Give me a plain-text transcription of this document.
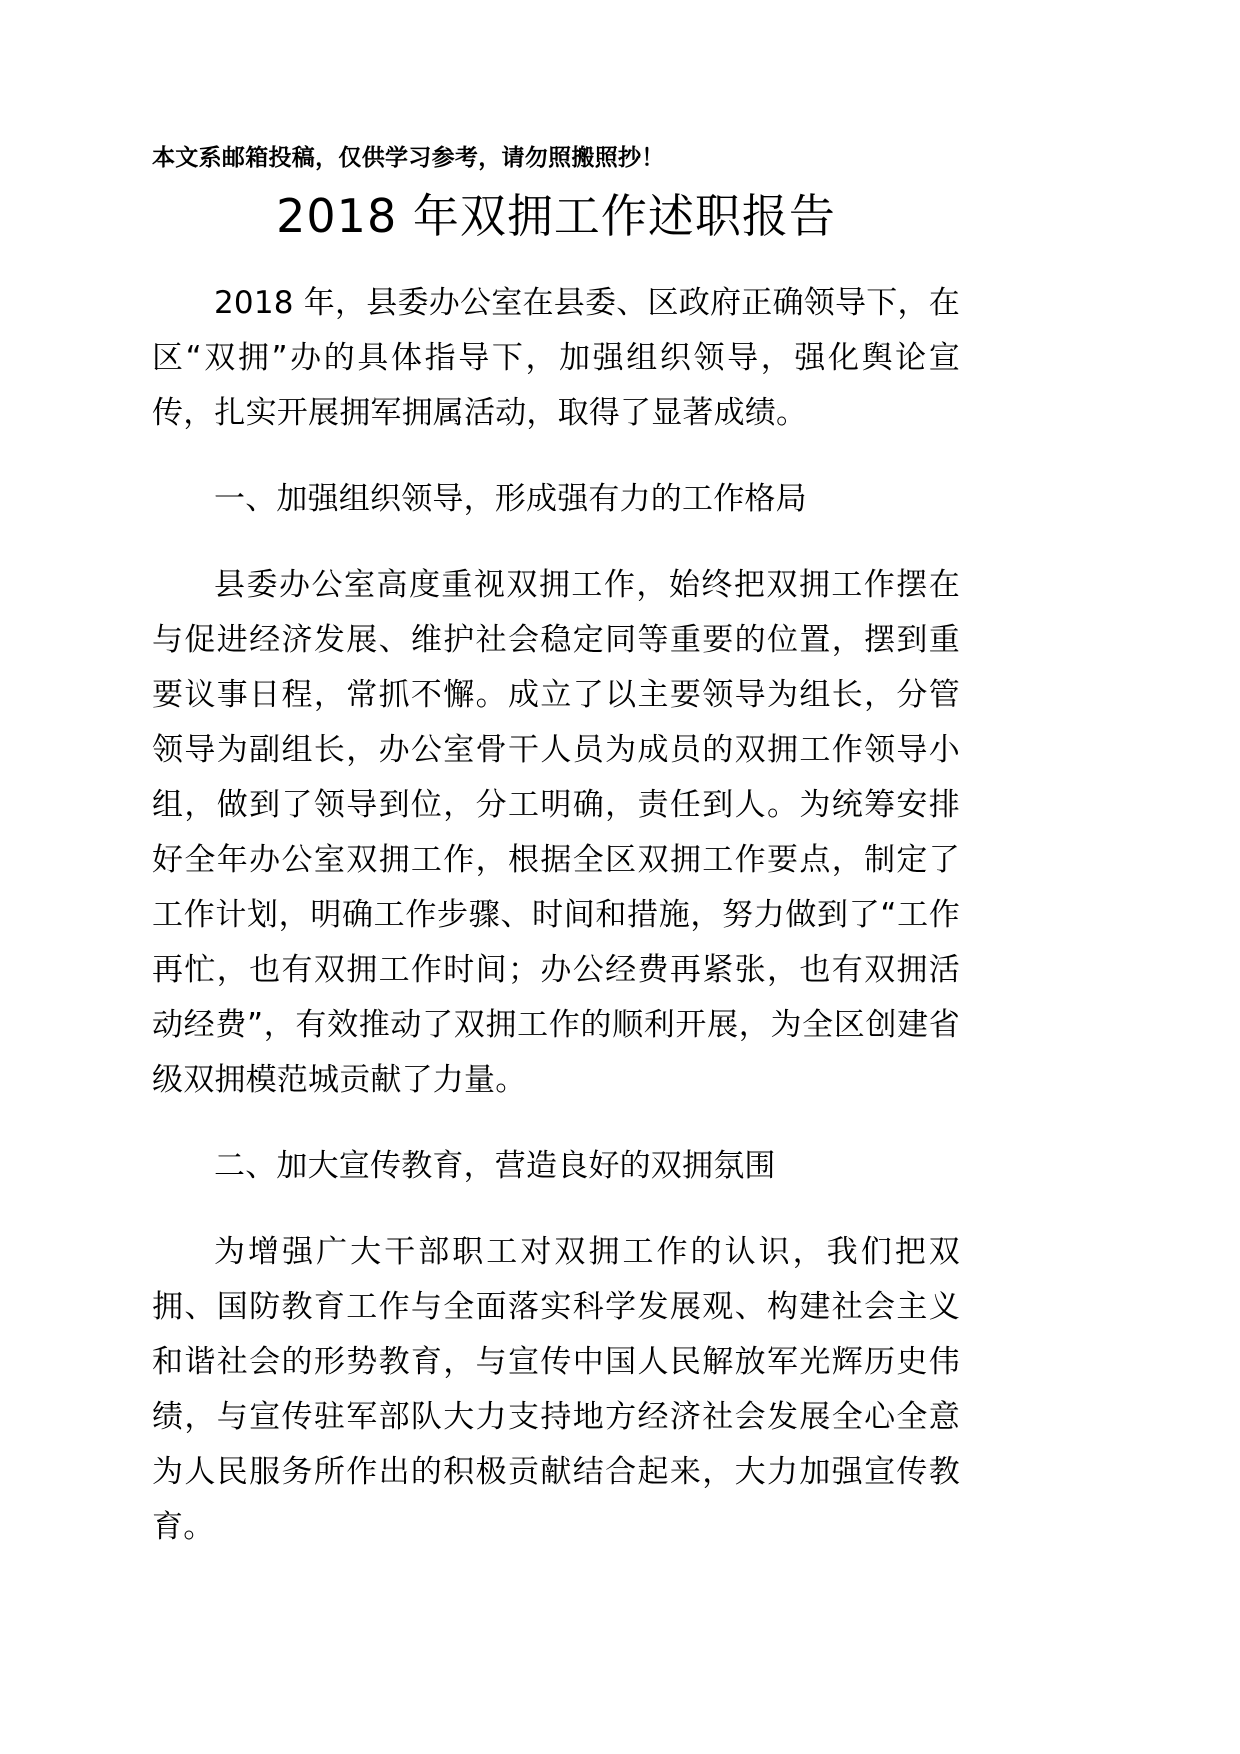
本文系邮箱投稿，仅供学习参考，请勿照搬照抄！
2018 年双拥工作述职报告

2018 年，县委办公室在县委、区政府正确领导下，在区“双拥”办的具体指导下，加强组织领导，强化舆论宣传，扎实开展拥军拥属活动，取得了显著成绩。

一、加强组织领导，形成强有力的工作格局

县委办公室高度重视双拥工作，始终把双拥工作摆在与促进经济发展、维护社会稳定同等重要的位置，摆到重要议事日程，常抓不懈。成立了以主要领导为组长，分管领导为副组长，办公室骨干人员为成员的双拥工作领导小组，做到了领导到位，分工明确，责任到人。为统筹安排好全年办公室双拥工作，根据全区双拥工作要点，制定了工作计划，明确工作步骤、时间和措施，努力做到了“工作再忙，也有双拥工作时间；办公经费再紧张，也有双拥活动经费”，有效推动了双拥工作的顺利开展，为全区创建省级双拥模范城贡献了力量。

二、加大宣传教育，营造良好的双拥氛围

为增强广大干部职工对双拥工作的认识，我们把双拥、国防教育工作与全面落实科学发展观、构建社会主义和谐社会的形势教育，与宣传中国人民解放军光辉历史伟绩，与宣传驻军部队大力支持地方经济社会发展全心全意为人民服务所作出的积极贡献结合起来，大力加强宣传教育。
